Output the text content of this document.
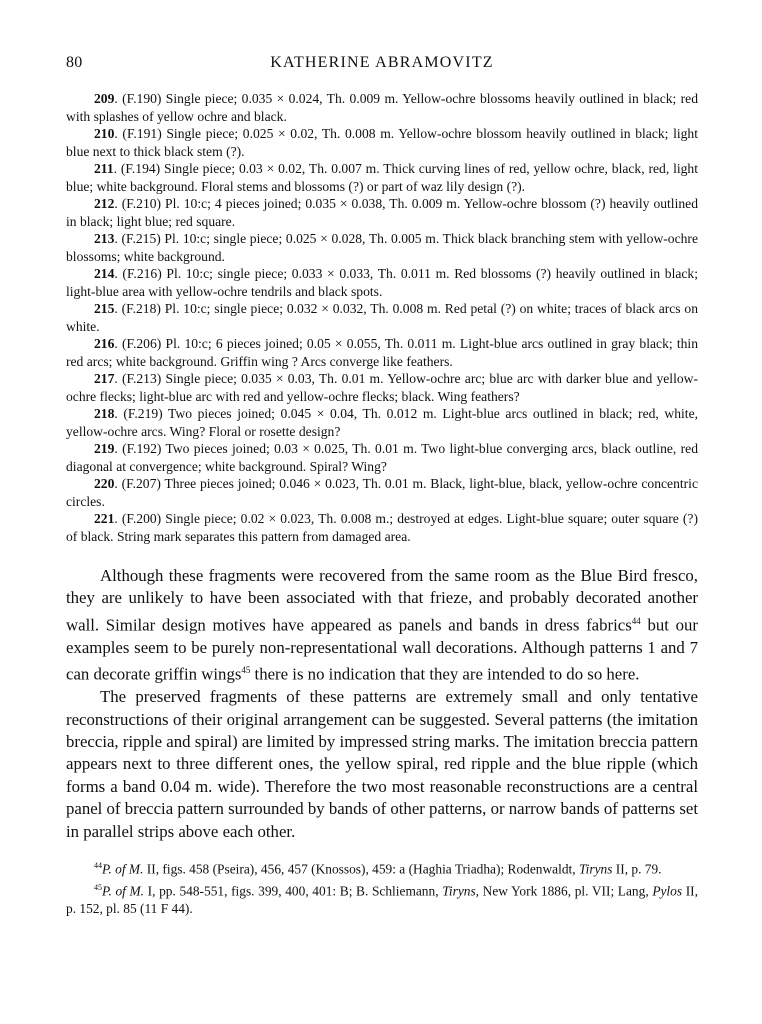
80	KATHERINE ABRAMOVITZ

209. (F.190) Single piece; 0.035 × 0.024, Th. 0.009 m. Yellow-ochre blossoms heavily outlined in black; red with splashes of yellow ochre and black.

210. (F.191) Single piece; 0.025 × 0.02, Th. 0.008 m. Yellow-ochre blossom heavily outlined in black; light blue next to thick black stem (?).

211. (F.194) Single piece; 0.03 × 0.02, Th. 0.007 m. Thick curving lines of red, yellow ochre, black, red, light blue; white background. Floral stems and blossoms (?) or part of waz lily design (?).

212. (F.210) Pl. 10:c; 4 pieces joined; 0.035 × 0.038, Th. 0.009 m. Yellow-ochre blossom (?) heavily outlined in black; light blue; red square.

213. (F.215) Pl. 10:c; single piece; 0.025 × 0.028, Th. 0.005 m. Thick black branching stem with yellow-ochre blossoms; white background.

214. (F.216) Pl. 10:c; single piece; 0.033 × 0.033, Th. 0.011 m. Red blossoms (?) heavily outlined in black; light-blue area with yellow-ochre tendrils and black spots.

215. (F.218) Pl. 10:c; single piece; 0.032 × 0.032, Th. 0.008 m. Red petal (?) on white; traces of black arcs on white.

216. (F.206) Pl. 10:c; 6 pieces joined; 0.05 × 0.055, Th. 0.011 m. Light-blue arcs outlined in gray black; thin red arcs; white background. Griffin wing ? Arcs converge like feathers.

217. (F.213) Single piece; 0.035 × 0.03, Th. 0.01 m. Yellow-ochre arc; blue arc with darker blue and yellow-ochre flecks; light-blue arc with red and yellow-ochre flecks; black. Wing feathers?

218. (F.219) Two pieces joined; 0.045 × 0.04, Th. 0.012 m. Light-blue arcs outlined in black; red, white, yellow-ochre arcs. Wing? Floral or rosette design?

219. (F.192) Two pieces joined; 0.03 × 0.025, Th. 0.01 m. Two light-blue converging arcs, black outline, red diagonal at convergence; white background. Spiral? Wing?

220. (F.207) Three pieces joined; 0.046 × 0.023, Th. 0.01 m. Black, light-blue, black, yellow-ochre concentric circles.

221. (F.200) Single piece; 0.02 × 0.023, Th. 0.008 m.; destroyed at edges. Light-blue square; outer square (?) of black. String mark separates this pattern from damaged area.

Although these fragments were recovered from the same room as the Blue Bird fresco, they are unlikely to have been associated with that frieze, and probably decorated another wall. Similar design motives have appeared as panels and bands in dress fabrics$^{44}$ but our examples seem to be purely non-representational wall decorations. Although patterns 1 and 7 can decorate griffin wings$^{45}$ there is no indication that they are intended to do so here.

The preserved fragments of these patterns are extremely small and only tentative reconstructions of their original arrangement can be suggested. Several patterns (the imitation breccia, ripple and spiral) are limited by impressed string marks. The imitation breccia pattern appears next to three different ones, the yellow spiral, red ripple and the blue ripple (which forms a band 0.04 m. wide). Therefore the two most reasonable reconstructions are a central panel of breccia pattern surrounded by bands of other patterns, or narrow bands of patterns set in parallel strips above each other.

$^{44}$P. of M. II, figs. 458 (Pseira), 456, 457 (Knossos), 459: a (Haghia Triadha); Rodenwaldt, Tiryns II, p. 79.

$^{45}$P. of M. I, pp. 548-551, figs. 399, 400, 401: B; B. Schliemann, Tiryns, New York 1886, pl. VII; Lang, Pylos II, p. 152, pl. 85 (11 F 44).
